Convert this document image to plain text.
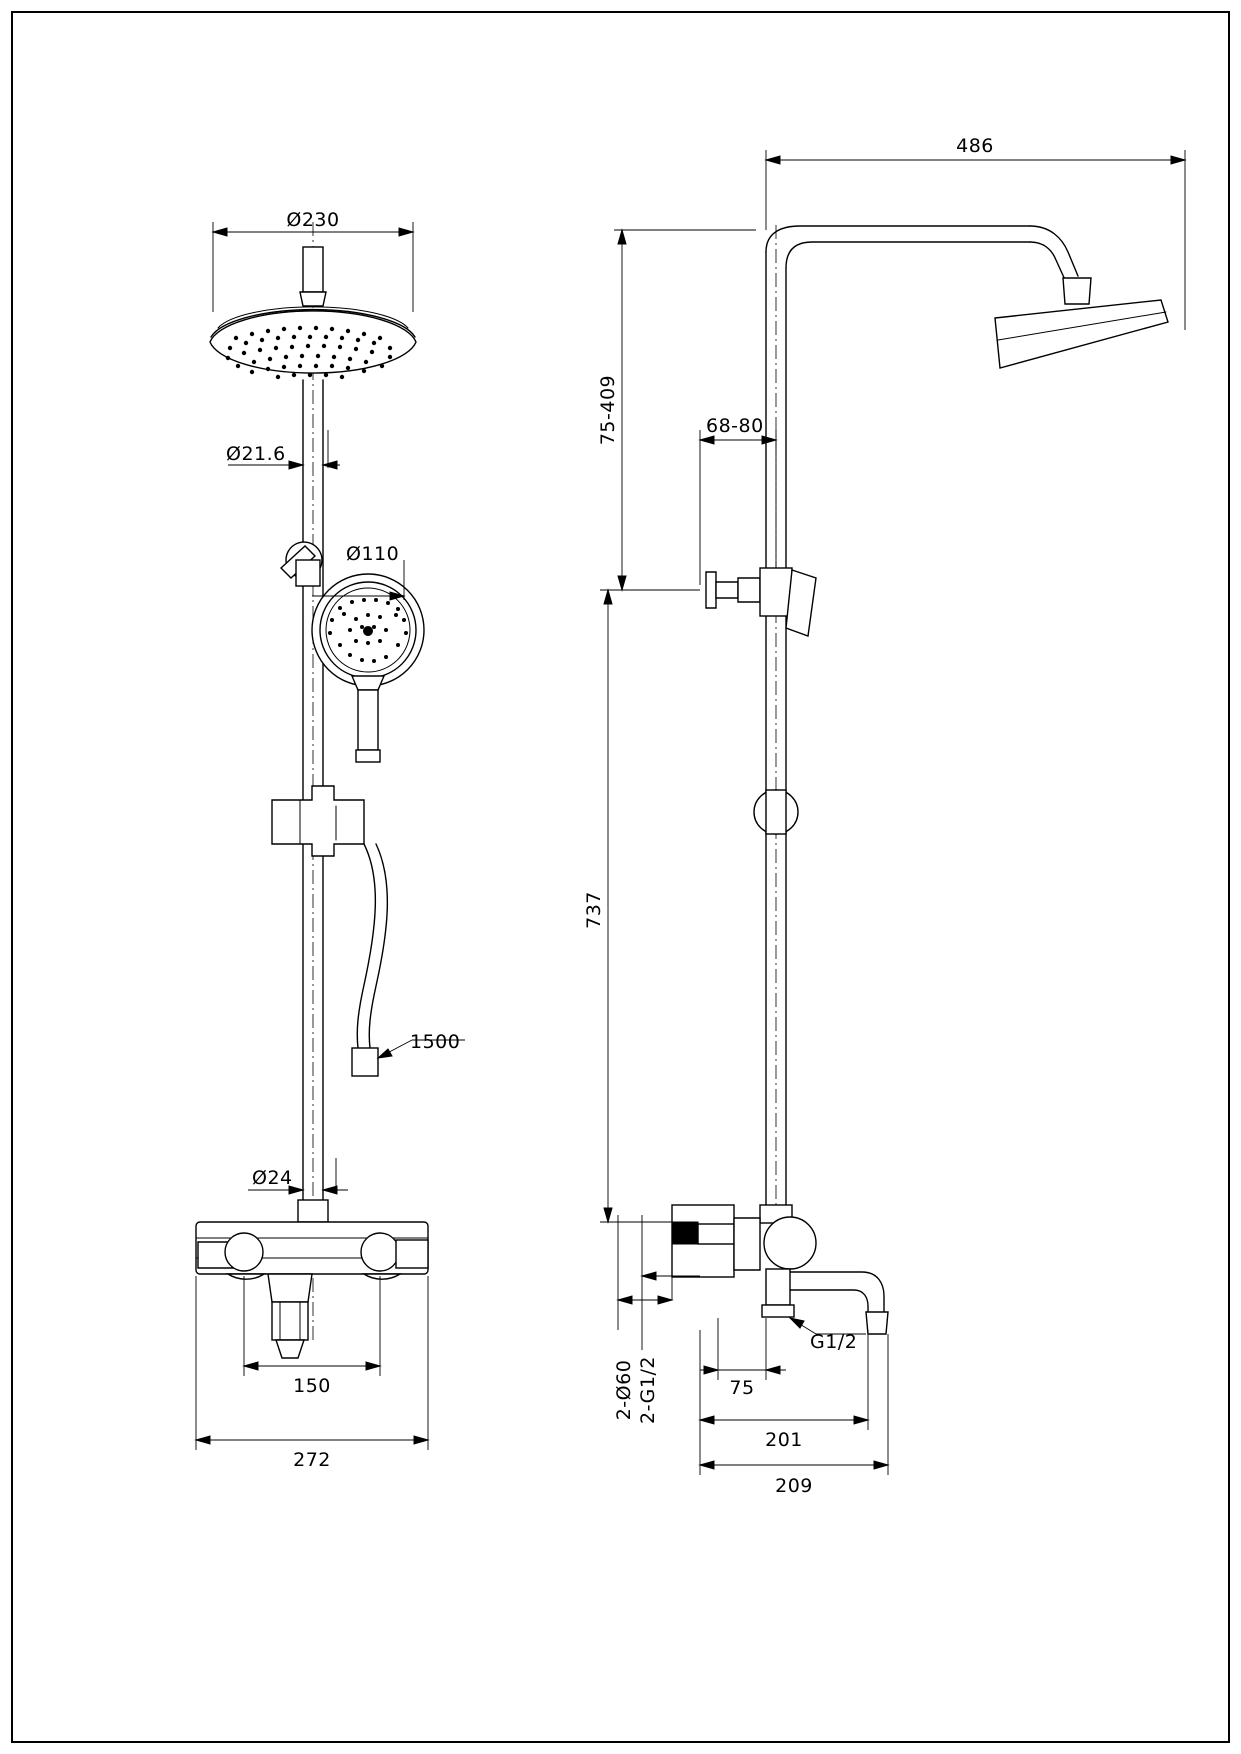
Ø230
Ø21.6
Ø110
1500
Ø24
150
272
486
75-409	68-80
737
2-Ø60 2-G1/2
G1/2
75
201
209
